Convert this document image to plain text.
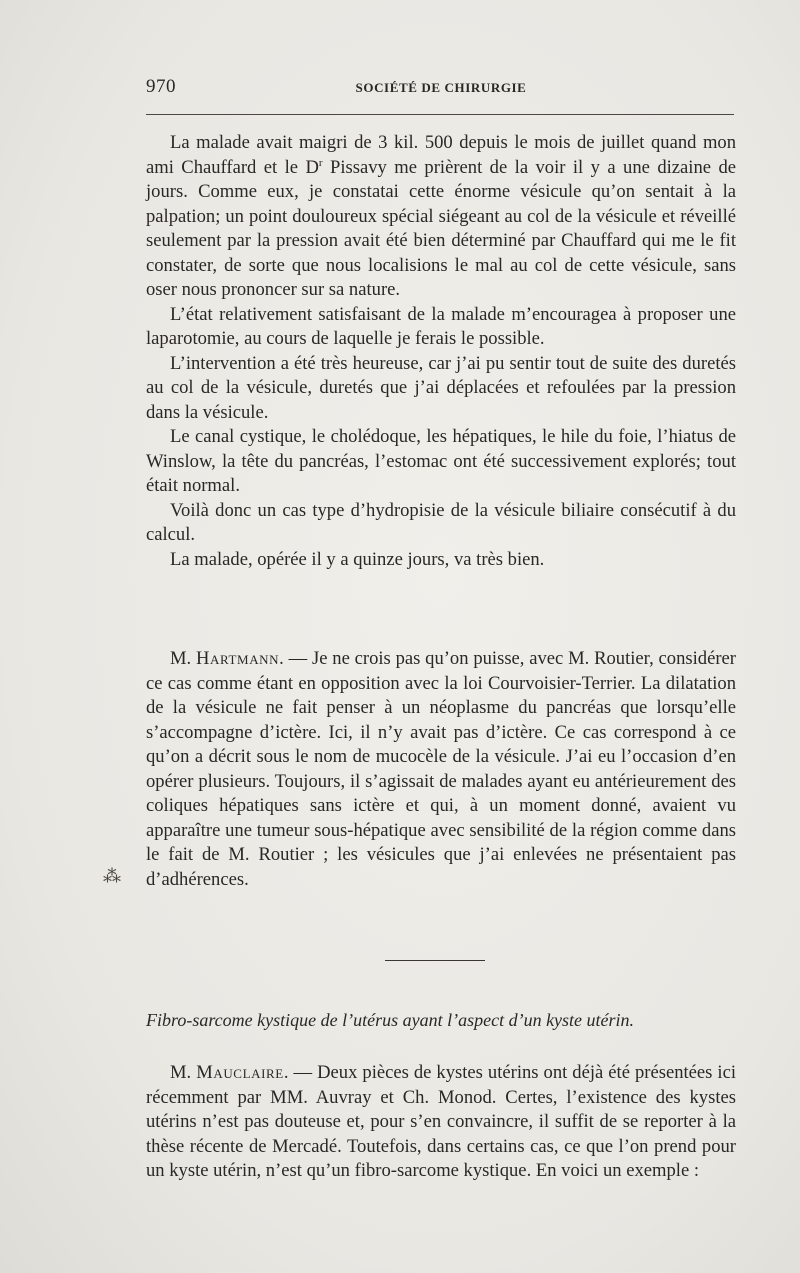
970	SOCIÉTÉ DE CHIRURGIE

La malade avait maigri de 3 kil. 500 depuis le mois de juillet quand mon ami Chauffard et le $D^r$ Pissavy me prièrent de la voir il y a une dizaine de jours. Comme eux, je constatai cette énorme vésicule qu’on sentait à la palpation; un point douloureux spécial siégeant au col de la vésicule et réveillé seulement par la pression avait été bien déterminé par Chauffard qui me le fit constater, de sorte que nous localisions le mal au col de cette vésicule, sans oser nous prononcer sur sa nature.

L’état relativement satisfaisant de la malade m’encouragea à proposer une laparotomie, au cours de laquelle je ferais le possible.

L’intervention a été très heureuse, car j’ai pu sentir tout de suite des duretés au col de la vésicule, duretés que j’ai déplacées et refoulées par la pression dans la vésicule.

Le canal cystique, le cholédoque, les hépatiques, le hile du foie, l’hiatus de Winslow, la tête du pancréas, l’estomac ont été successivement explorés; tout était normal.

Voilà donc un cas type d’hydropisie de la vésicule biliaire consécutif à du calcul.

La malade, opérée il y a quinze jours, va très bien.

M. Hartmann. — Je ne crois pas qu’on puisse, avec M. Routier, considérer ce cas comme étant en opposition avec la loi Courvoisier-Terrier. La dilatation de la vésicule ne fait penser à un néoplasme du pancréas que lorsqu’elle s’accompagne d’ictère. Ici, il n’y avait pas d’ictère. Ce cas correspond à ce qu’on a décrit sous le nom de mucocèle de la vésicule. J’ai eu l’occasion d’en opérer plusieurs. Toujours, il s’agissait de malades ayant eu antérieurement des coliques hépatiques sans ictère et qui, à un moment donné, avaient vu apparaître une tumeur sous-hépatique avec sensibilité de la région comme dans le fait de M. Routier ; les vésicules que j’ai enlevées ne présentaient pas d’adhérences.

Fibro-sarcome kystique de l’utérus ayant l’aspect d’un kyste utérin.

M. Mauclaire. — Deux pièces de kystes utérins ont déjà été présentées ici récemment par MM. Auvray et Ch. Monod. Certes, l’existence des kystes utérins n’est pas douteuse et, pour s’en convaincre, il suffit de se reporter à la thèse récente de Mercadé. Toutefois, dans certains cas, ce que l’on prend pour un kyste utérin, n’est qu’un fibro-sarcome kystique. En voici un exemple :

⁂
